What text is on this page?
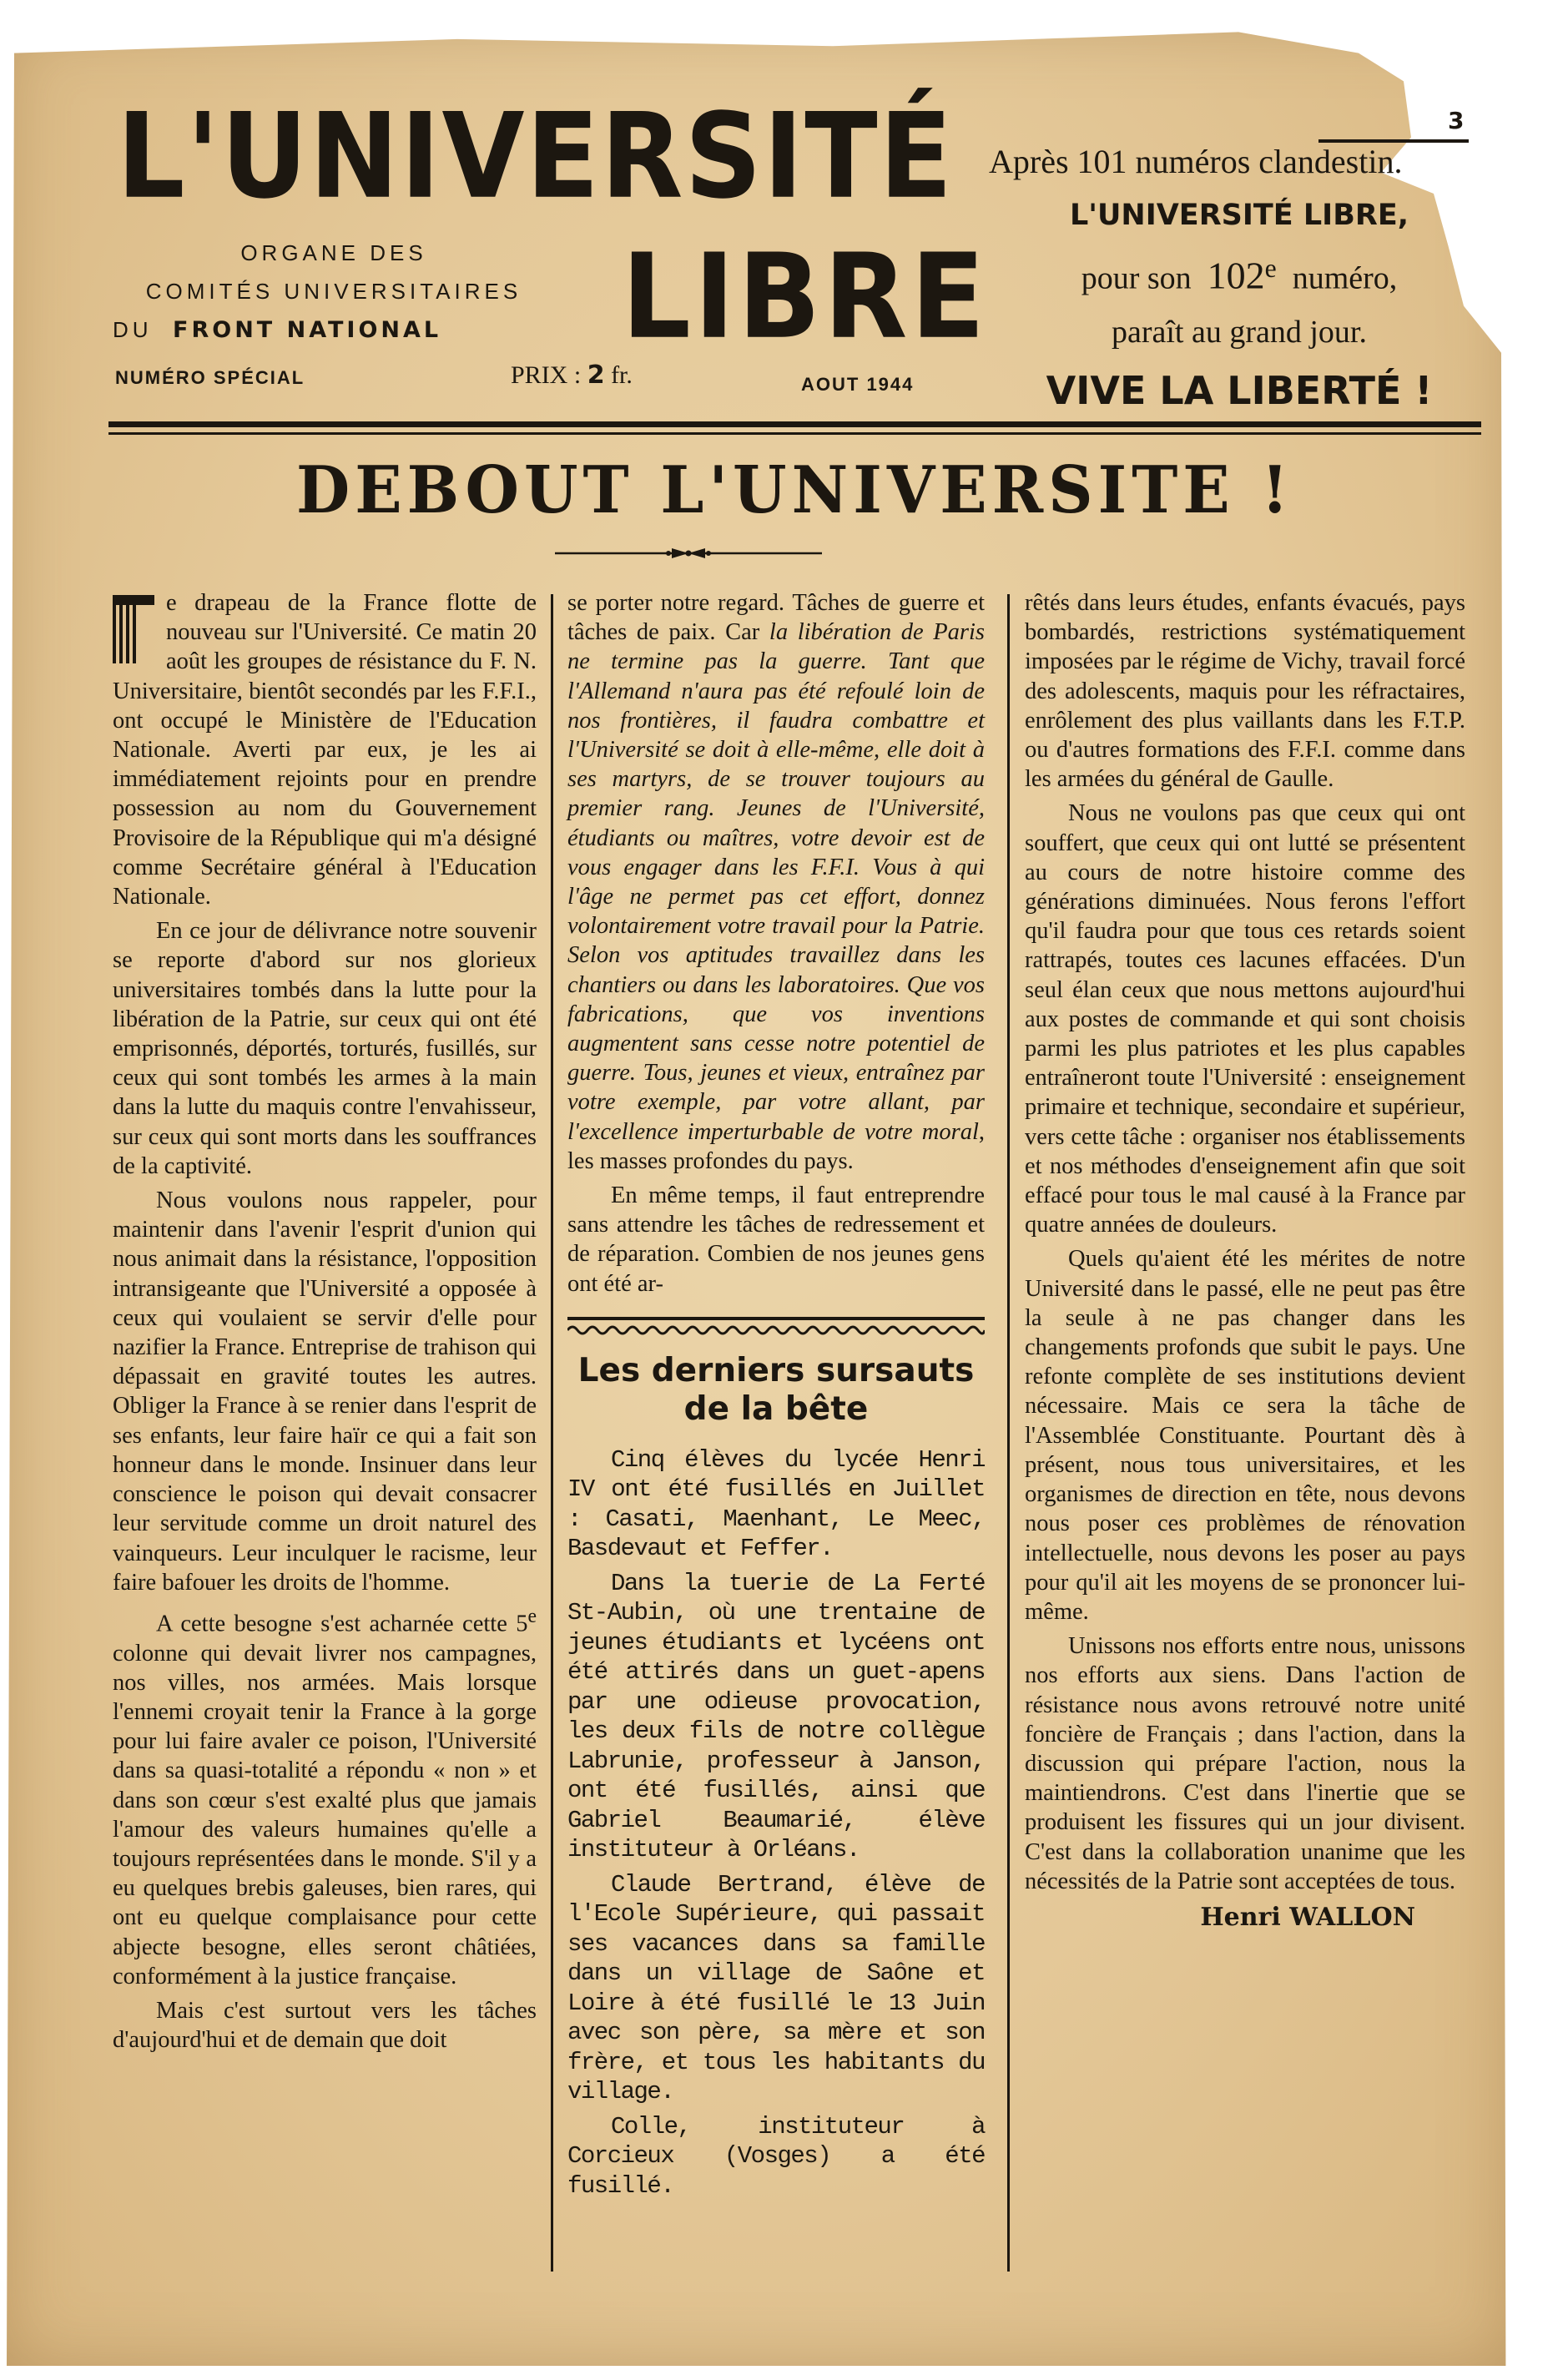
L'UNIVERSITÉ
LIBRE
ORGANE DES
COMITÉS UNIVERSITAIRES
DU FRONT NATIONAL
NUMÉRO SPÉCIAL	PRIX : 2 fr.	AOUT 1944
3
Après 101 numéros clandestin.
L'UNIVERSITÉ LIBRE,
pour son 102e numéro,
paraît au grand jour.
VIVE LA LIBERTÉ !
DEBOUT L'UNIVERSITE !

e drapeau de la France flotte de nouveau sur l'Université. Ce matin 20 août les groupes de résistance du F. N. Universitaire, bientôt secondés par les F.F.I., ont occupé le Ministère de l'Education Nationale. Averti par eux, je les ai immédiatement rejoints pour en prendre possession au nom du Gouvernement Provisoire de la République qui m'a désigné comme Secrétaire général à l'Education Nationale.

En ce jour de délivrance notre souvenir se reporte d'abord sur nos glorieux universitaires tombés dans la lutte pour la libération de la Patrie, sur ceux qui ont été emprisonnés, déportés, torturés, fusillés, sur ceux qui sont tombés les armes à la main dans la lutte du maquis contre l'envahisseur, sur ceux qui sont morts dans les souffrances de la captivité.

Nous voulons nous rappeler, pour maintenir dans l'avenir l'esprit d'union qui nous animait dans la résistance, l'opposition intransigeante que l'Université a opposée à ceux qui voulaient se servir d'elle pour nazifier la France. Entreprise de trahison qui dépassait en gravité toutes les autres. Obliger la France à se renier dans l'esprit de ses enfants, leur faire haïr ce qui a fait son honneur dans le monde. Insinuer dans leur conscience le poison qui devait consacrer leur servitude comme un droit naturel des vainqueurs. Leur inculquer le racisme, leur faire bafouer les droits de l'homme.

A cette besogne s'est acharnée cette 5e colonne qui devait livrer nos campagnes, nos villes, nos armées. Mais lorsque l'ennemi croyait tenir la France à la gorge pour lui faire avaler ce poison, l'Université dans sa quasi-totalité a répondu « non » et dans son cœur s'est exalté plus que jamais l'amour des valeurs humaines qu'elle a toujours représentées dans le monde. S'il y a eu quelques brebis galeuses, bien rares, qui ont eu quelque complaisance pour cette abjecte besogne, elles seront châtiées, conformément à la justice française.

Mais c'est surtout vers les tâches d'aujourd'hui et de demain que doit

se porter notre regard. Tâches de guerre et tâches de paix. Car la libération de Paris ne termine pas la guerre. Tant que l'Allemand n'aura pas été refoulé loin de nos frontières, il faudra combattre et l'Université se doit à elle-même, elle doit à ses martyrs, de se trouver toujours au premier rang. Jeunes de l'Université, étudiants ou maîtres, votre devoir est de vous engager dans les F.F.I. Vous à qui l'âge ne permet pas cet effort, donnez volontairement votre travail pour la Patrie. Selon vos aptitudes travaillez dans les chantiers ou dans les laboratoires. Que vos fabrications, que vos inventions augmentent sans cesse notre potentiel de guerre. Tous, jeunes et vieux, entraînez par votre exemple, par votre allant, par l'excellence imperturbable de votre moral, les masses profondes du pays.

En même temps, il faut entreprendre sans attendre les tâches de redressement et de réparation. Combien de nos jeunes gens ont été ar-

Les derniers sursauts de la bête

Cinq élèves du lycée Henri IV ont été fusillés en Juillet : Casati, Maenhant, Le Meec, Basdevaut et Feffer.

Dans la tuerie de La Ferté St-Aubin, où une trentaine de jeunes étudiants et lycéens ont été attirés dans un guet-apens par une odieuse provocation, les deux fils de notre collègue Labrunie, professeur à Janson, ont été fusillés, ainsi que Gabriel Beaumarié, élève instituteur à Orléans.

Claude Bertrand, élève de l'Ecole Supérieure, qui passait ses vacances dans sa famille dans un village de Saône et Loire à été fusillé le 13 Juin avec son père, sa mère et son frère, et tous les habitants du village.

Colle, instituteur à Corcieux (Vosges) a été fusillé.

rêtés dans leurs études, enfants évacués, pays bombardés, restrictions systématiquement imposées par le régime de Vichy, travail forcé des adolescents, maquis pour les réfractaires, enrôlement des plus vaillants dans les F.T.P. ou d'autres formations des F.F.I. comme dans les armées du général de Gaulle.

Nous ne voulons pas que ceux qui ont souffert, que ceux qui ont lutté se présentent au cours de notre histoire comme des générations diminuées. Nous ferons l'effort qu'il faudra pour que tous ces retards soient rattrapés, toutes ces lacunes effacées. D'un seul élan ceux que nous mettons aujourd'hui aux postes de commande et qui sont choisis parmi les plus patriotes et les plus capables entraîneront toute l'Université : enseignement primaire et technique, secondaire et supérieur, vers cette tâche : organiser nos établissements et nos méthodes d'enseignement afin que soit effacé pour tous le mal causé à la France par quatre années de douleurs.

Quels qu'aient été les mérites de notre Université dans le passé, elle ne peut pas être la seule à ne pas changer dans les changements profonds que subit le pays. Une refonte complète de ses institutions devient nécessaire. Mais ce sera la tâche de l'Assemblée Constituante. Pourtant dès à présent, nous tous universitaires, et les organismes de direction en tête, nous devons nous poser ces problèmes de rénovation intellectuelle, nous devons les poser au pays pour qu'il ait les moyens de se prononcer lui-même.

Unissons nos efforts entre nous, unissons nos efforts aux siens. Dans l'action de résistance nous avons retrouvé notre unité foncière de Français ; dans l'action, dans la discussion qui prépare l'action, nous la maintiendrons. C'est dans l'inertie que se produisent les fissures qui un jour divisent. C'est dans la collaboration unanime que les nécessités de la Patrie sont acceptées de tous.

Henri WALLON
